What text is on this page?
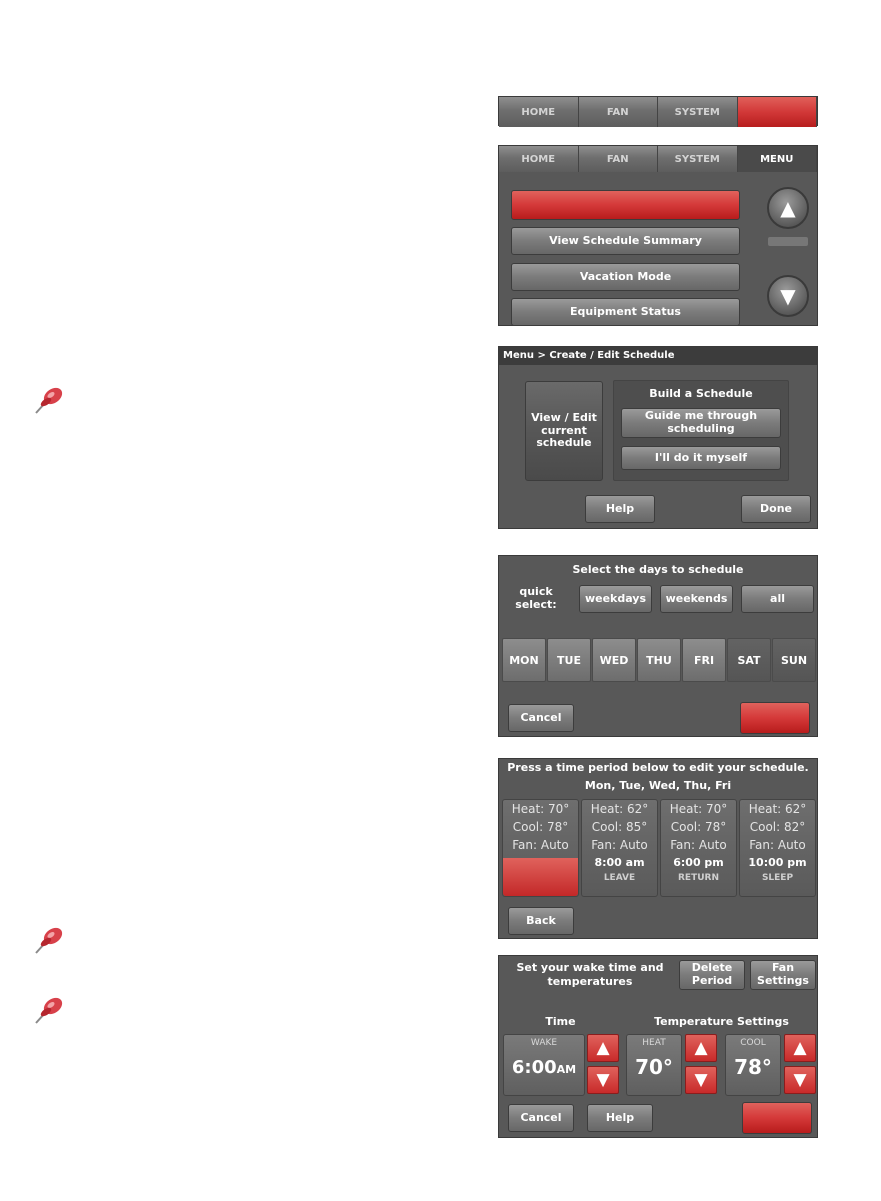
HOME	FAN	SYSTEM
HOME	FAN	SYSTEM	MENU
View Schedule Summary
Vacation Mode
Equipment Status
▲
▼
Menu > Create / Edit Schedule
View / Edit current schedule
Build a Schedule
Guide me through scheduling
I'll do it myself
Help	Done
Select the days to schedule
quick select:	weekdays	weekends	all
MON	TUE	WED	THU	FRI	SAT	SUN
Cancel
Press a time period below to edit your schedule.
Mon, Tue, Wed, Thu, Fri
Heat: 70°
Cool: 78°
Fan: Auto
Heat: 62°
Cool: 85°
Fan: Auto
8:00 am
LEAVE
Heat: 70°
Cool: 78°
Fan: Auto
6:00 pm
RETURN
Heat: 62°
Cool: 82°
Fan: Auto
10:00 pm
SLEEP
Back
Set your wake time and temperatures
Delete Period
Fan Settings
Time	Temperature Settings
WAKE
6:00AM
▲
▼
HEAT
70°
▲
▼
COOL
78°
▲
▼
Cancel	Help
